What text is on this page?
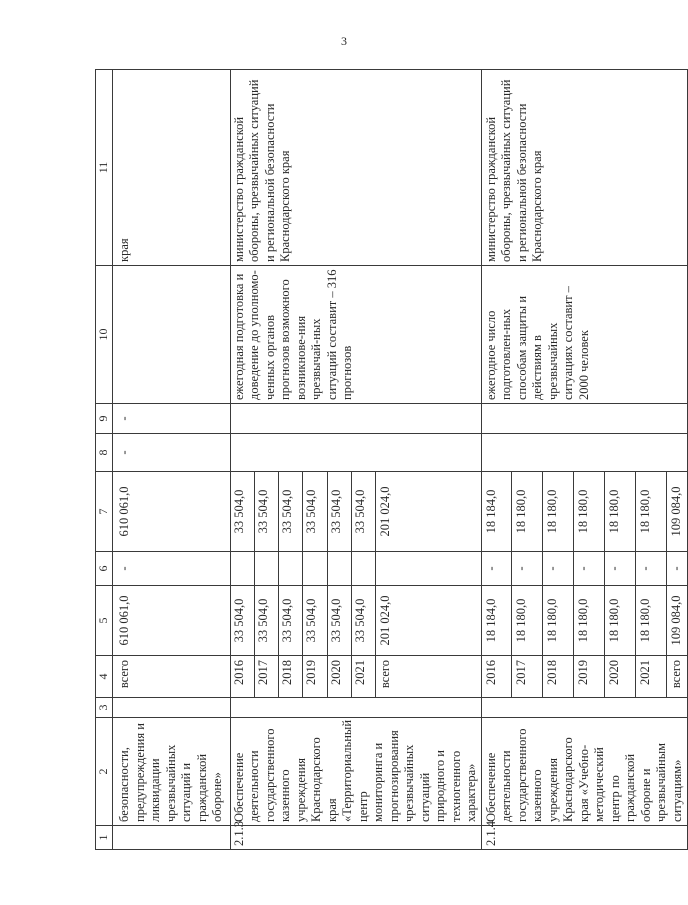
3
1	2	3	4	5	6	7	8	9	10	11
	безопасности, предупреждения и ликвидации чрезвычайных ситуаций и гражданской обороне»		всего	610 061,0	-	610 061,0	-	-		края
2.1.3	Обеспечение деятельности государственного казенного учреждения Краснодарского края «Территориальный центр мониторинга и прогнозирования чрезвычайных ситуаций природного и техногенного характера»		2016	33 504,0		33 504,0			ежегодная подготовка и доведение до уполномо-ченных органов прогнозов возможного возникнове-ния чрезвычай-ных ситуаций составит – 316 прогнозов	министерство гражданской обороны, чрезвычайных ситуаций и региональной безопасности Краснодарского края
			2017	33 504,0		33 504,0				
			2018	33 504,0		33 504,0				
			2019	33 504,0		33 504,0				
			2020	33 504,0		33 504,0				
			2021	33 504,0		33 504,0				
			всего	201 024,0		201 024,0				
2.1.4	Обеспечение деятельности государственного казенного учреждения Краснодарского края «Учебно-методический центр по гражданской обороне и чрезвычайным ситуациям»		2016	18 184,0	-	18 184,0			ежегодное число подготовлен-ных способам защиты и действиям в чрезвычайных ситуациях составит – 2000 человек	министерство гражданской обороны, чрезвычайных ситуаций и региональной безопасности Краснодарского края
			2017	18 180,0	-	18 180,0				
			2018	18 180,0	-	18 180,0				
			2019	18 180,0	-	18 180,0				
			2020	18 180,0	-	18 180,0				
			2021	18 180,0	-	18 180,0				
			всего	109 084,0	-	109 084,0				
